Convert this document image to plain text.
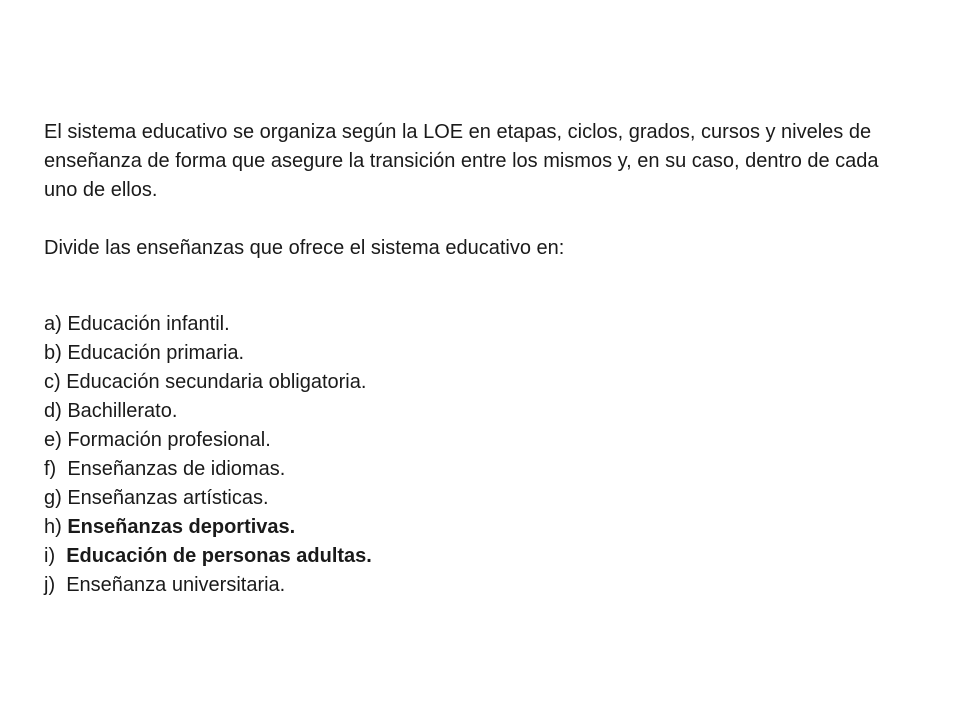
El sistema educativo se organiza según la LOE en etapas, ciclos, grados, cursos y niveles de enseñanza de forma que asegure la transición entre los mismos y, en su caso, dentro de cada uno de ellos.

Divide las enseñanzas que ofrece el sistema educativo en:

a) Educación infantil.
b) Educación primaria.
c) Educación secundaria obligatoria.
d) Bachillerato.
e) Formación profesional.
f)  Enseñanzas de idiomas.
g) Enseñanzas artísticas.
h) Enseñanzas deportivas.
i)  Educación de personas adultas.
j)  Enseñanza universitaria.
